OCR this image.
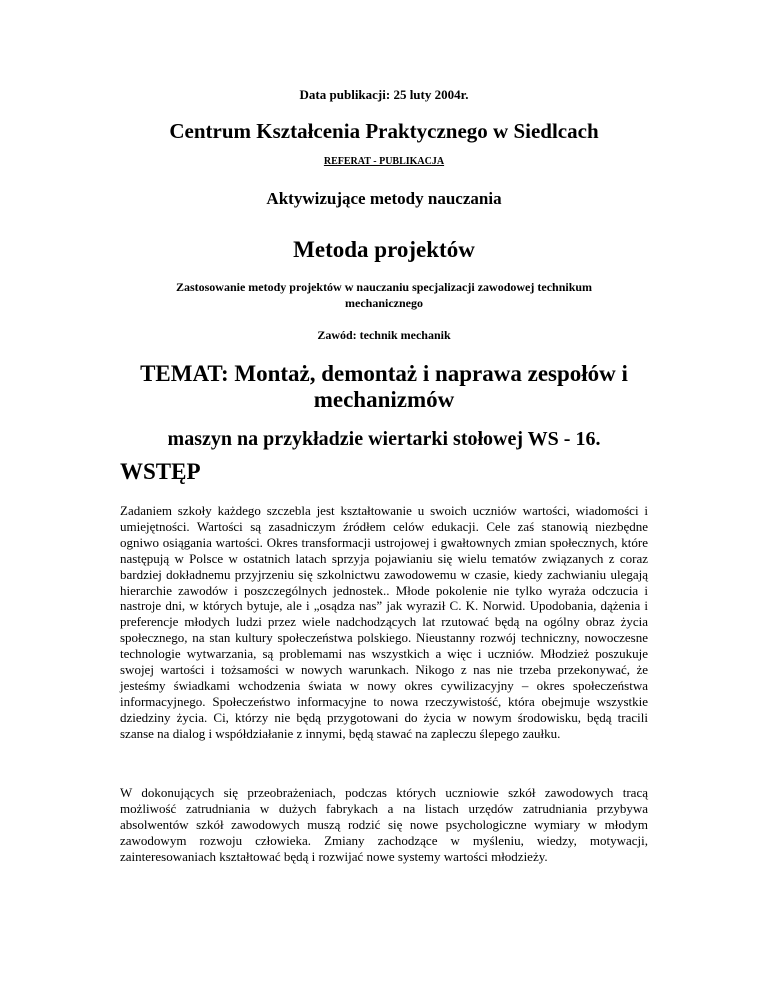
Data publikacji: 25 luty 2004r.
Centrum Kształcenia Praktycznego w Siedlcach
REFERAT - PUBLIKACJA
Aktywizujące metody nauczania
Metoda projektów
Zastosowanie metody projektów w nauczaniu specjalizacji zawodowej technikum mechanicznego
Zawód: technik mechanik
TEMAT: Montaż, demontaż i naprawa zespołów i mechanizmów
maszyn na przykładzie wiertarki stołowej WS - 16.
WSTĘP

Zadaniem szkoły każdego szczebla jest kształtowanie u swoich uczniów wartości, wiadomości i umiejętności. Wartości są zasadniczym źródłem celów edukacji. Cele zaś stanowią niezbędne ogniwo osiągania wartości. Okres transformacji ustrojowej i gwałtownych zmian społecznych, które następują w Polsce w ostatnich latach sprzyja pojawianiu się wielu tematów związanych z coraz bardziej dokładnemu przyjrzeniu się szkolnictwu zawodowemu w czasie, kiedy zachwianiu ulegają hierarchie zawodów i poszczególnych jednostek.. Młode pokolenie nie tylko wyraża odczucia i nastroje dni, w których bytuje, ale i „osądza nas” jak wyraził C. K. Norwid. Upodobania, dążenia i preferencje młodych ludzi przez wiele nadchodzących lat rzutować będą na ogólny obraz życia społecznego, na stan kultury społeczeństwa polskiego. Nieustanny rozwój techniczny, nowoczesne technologie wytwarzania, są problemami nas wszystkich a więc i uczniów. Młodzież poszukuje swojej wartości i tożsamości w nowych warunkach. Nikogo z nas nie trzeba przekonywać, że jesteśmy świadkami wchodzenia świata w nowy okres cywilizacyjny – okres społeczeństwa informacyjnego. Społeczeństwo informacyjne to nowa rzeczywistość, która obejmuje wszystkie dziedziny życia. Ci, którzy nie będą przygotowani do życia w nowym środowisku, będą tracili szanse na dialog i współdziałanie z innymi, będą stawać na zapleczu ślepego zaułku.

W dokonujących się przeobrażeniach, podczas których uczniowie szkół zawodowych tracą możliwość zatrudniania w dużych fabrykach a na listach urzędów zatrudniania przybywa absolwentów szkół zawodowych muszą rodzić się nowe psychologiczne wymiary w młodym zawodowym rozwoju człowieka. Zmiany zachodzące w myśleniu, wiedzy, motywacji, zainteresowaniach kształtować będą i rozwijać nowe systemy wartości młodzieży.
